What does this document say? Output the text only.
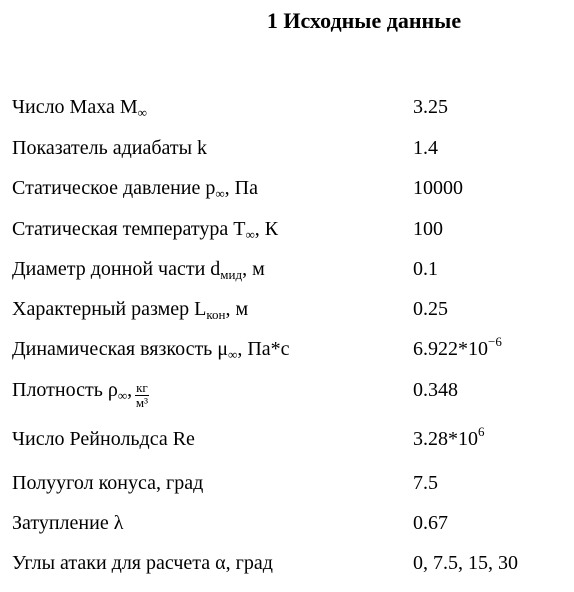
1 Исходные данные
Число Маха $M_\infty$	3.25
Показатель адиабаты k	1.4
Статическое давление $p_\infty$, Па	10000
Статическая температура $T_\infty$, К	100
Диаметр донной части $d_{мид}$, м	0.1
Характерный размер $L_{кон}$, м	0.25
Динамическая вязкость $\mu_\infty$, Па*с	$6.922*10^{-6}$
Плотность $\rho_\infty$, $\frac{кг}{\text{м³}}$	0.348
Число Рейнольдса Re	$3.28*10^6$
Полуугол конуса, град	7.5
Затупление λ	0.67
Углы атаки для расчета α, град	0, 7.5, 15, 30
